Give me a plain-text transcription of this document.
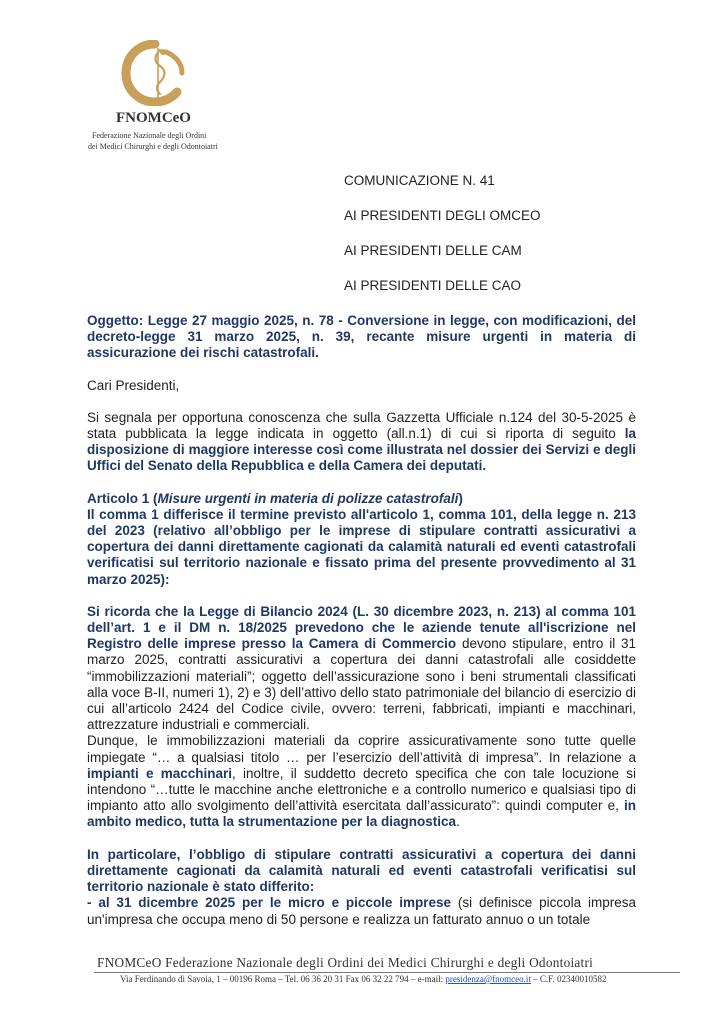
FNOMCeO
Federazione Nazionale degli Ordini
dei Medici Chirurghi e degli Odontoiatri
COMUNICAZIONE N. 41
AI PRESIDENTI DEGLI OMCEO
AI PRESIDENTI DELLE CAM
AI PRESIDENTI DELLE CAO

Oggetto: Legge 27 maggio 2025, n. 78 - Conversione in legge, con modificazioni, del decreto-legge 31 marzo 2025, n. 39, recante misure urgenti in materia di assicurazione dei rischi catastrofali.

Cari Presidenti,

Si segnala per opportuna conoscenza che sulla Gazzetta Ufficiale n.124 del 30-5-2025 è stata pubblicata la legge indicata in oggetto (all.n.1) di cui si riporta di seguito la disposizione di maggiore interesse così come illustrata nel dossier dei Servizi e degli Uffici del Senato della Repubblica e della Camera dei deputati.

Articolo 1 (Misure urgenti in materia di polizze catastrofali)

Il comma 1 differisce il termine previsto all'articolo 1, comma 101, della legge n. 213 del 2023 (relativo all’obbligo per le imprese di stipulare contratti assicurativi a copertura dei danni direttamente cagionati da calamità naturali ed eventi catastrofali verificatisi sul territorio nazionale e fissato prima del presente provvedimento al 31 marzo 2025):

Si ricorda che la Legge di Bilancio 2024 (L. 30 dicembre 2023, n. 213) al comma 101 dell’art. 1 e il DM n. 18/2025 prevedono che le aziende tenute all'iscrizione nel Registro delle imprese presso la Camera di Commercio devono stipulare, entro il 31 marzo 2025, contratti assicurativi a copertura dei danni catastrofali alle cosiddette “immobilizzazioni materiali”; oggetto dell’assicurazione sono i beni strumentali classificati alla voce B-II, numeri 1), 2) e 3) dell’attivo dello stato patrimoniale del bilancio di esercizio di cui all’articolo 2424 del Codice civile, ovvero: terreni, fabbricati, impianti e macchinari, attrezzature industriali e commerciali.

Dunque, le immobilizzazioni materiali da coprire assicurativamente sono tutte quelle impiegate “… a qualsiasi titolo … per l’esercizio dell’attività di impresa”. In relazione a impianti e macchinari, inoltre, il suddetto decreto specifica che con tale locuzione si intendono “…tutte le macchine anche elettroniche e a controllo numerico e qualsiasi tipo di impianto atto allo svolgimento dell’attività esercitata dall’assicurato”: quindi computer e, in ambito medico, tutta la strumentazione per la diagnostica.

In particolare, l’obbligo di stipulare contratti assicurativi a copertura dei danni direttamente cagionati da calamità naturali ed eventi catastrofali verificatisi sul territorio nazionale è stato differito:

- al 31 dicembre 2025 per le micro e piccole imprese (si definisce piccola impresa un'impresa che occupa meno di 50 persone e realizza un fatturato annuo o un totale

FNOMCeO Federazione Nazionale degli Ordini dei Medici Chirurghi e degli Odontoiatri
Via Ferdinando di Savoia, 1 – 00196 Roma – Tel. 06 36 20 31 Fax 06 32 22 794 – e-mail: presidenza@fnomceo.it – C.F. 02340010582
